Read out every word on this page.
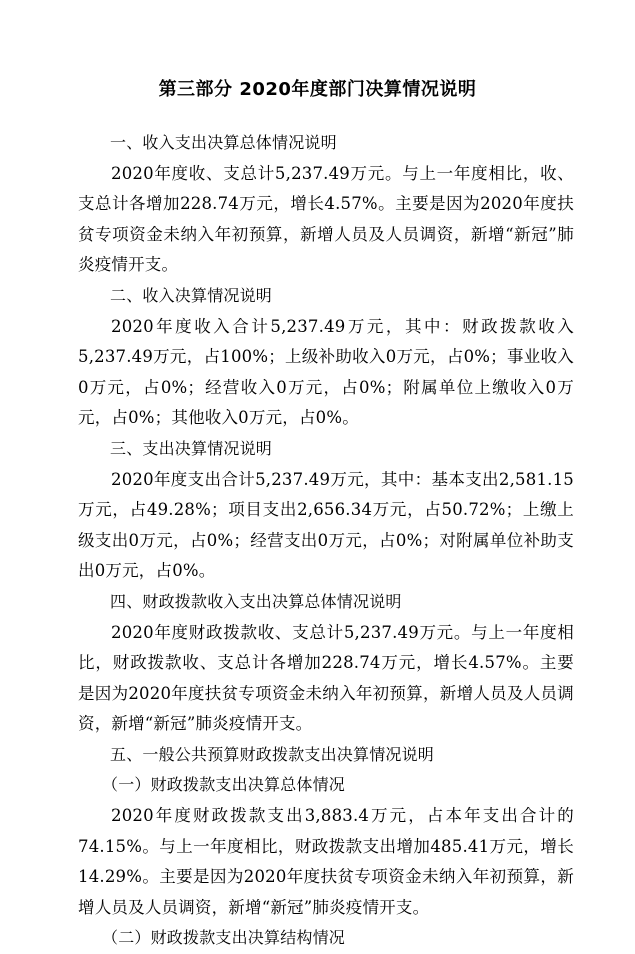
第三部分 2020年度部门决算情况说明
一、收入支出决算总体情况说明
2020年度收、支总计5,237.49万元。与上一年度相比，收、支总计各增加228.74万元，增长4.57%。主要是因为2020年度扶贫专项资金未纳入年初预算，新增人员及人员调资，新增“新冠”肺炎疫情开支。
二、收入决算情况说明
2020年度收入合计5,237.49万元，其中：财政拨款收入5,237.49万元，占100%；上级补助收入0万元，占0%；事业收入0万元，占0%；经营收入0万元，占0%；附属单位上缴收入0万元，占0%；其他收入0万元，占0%。
三、支出决算情况说明
2020年度支出合计5,237.49万元，其中：基本支出2,581.15万元，占49.28%；项目支出2,656.34万元，占50.72%；上缴上级支出0万元，占0%；经营支出0万元，占0%；对附属单位补助支出0万元，占0%。
四、财政拨款收入支出决算总体情况说明
2020年度财政拨款收、支总计5,237.49万元。与上一年度相比，财政拨款收、支总计各增加228.74万元，增长4.57%。主要是因为2020年度扶贫专项资金未纳入年初预算，新增人员及人员调资，新增“新冠”肺炎疫情开支。
五、一般公共预算财政拨款支出决算情况说明
（一）财政拨款支出决算总体情况
2020年度财政拨款支出3,883.4万元，占本年支出合计的74.15%。与上一年度相比，财政拨款支出增加485.41万元，增长14.29%。主要是因为2020年度扶贫专项资金未纳入年初预算，新增人员及人员调资，新增“新冠”肺炎疫情开支。
（二）财政拨款支出决算结构情况
